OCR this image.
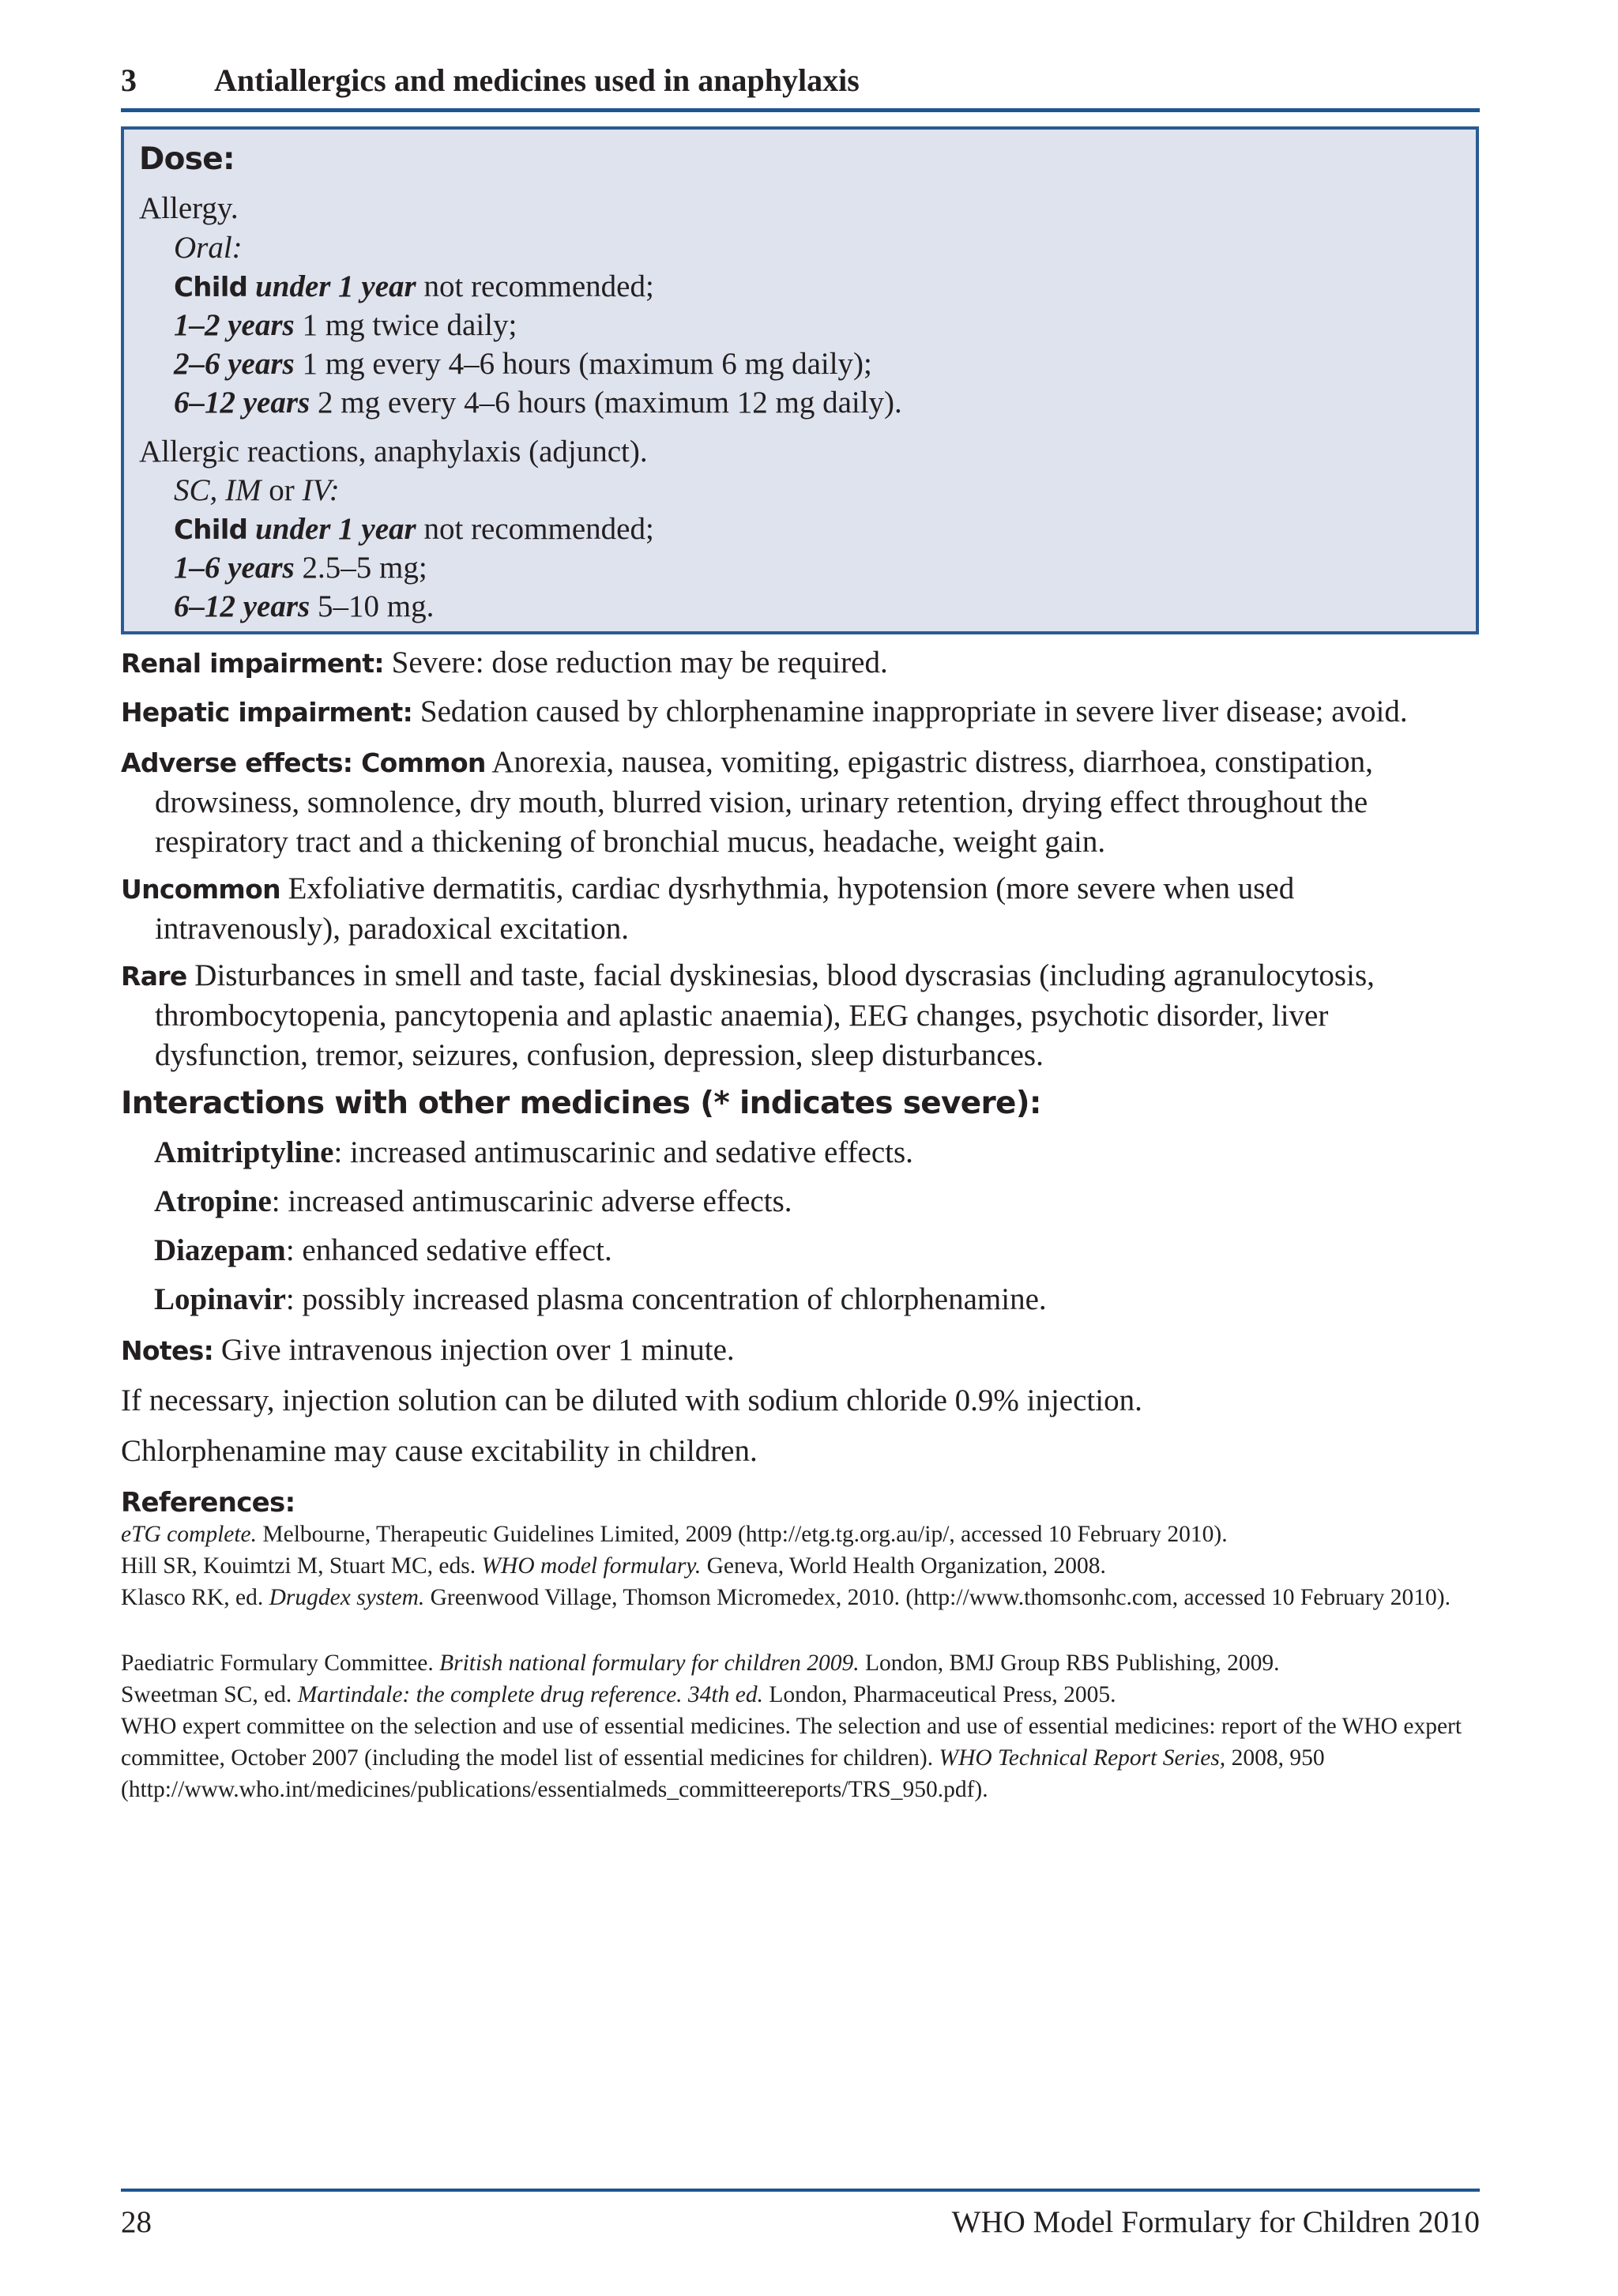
3 Antiallergics and medicines used in anaphylaxis
Dose:
Allergy.
Oral:
Child under 1 year not recommended;
1–2 years 1 mg twice daily;
2–6 years 1 mg every 4–6 hours (maximum 6 mg daily);
6–12 years 2 mg every 4–6 hours (maximum 12 mg daily).
Allergic reactions, anaphylaxis (adjunct).
SC, IM or IV:
Child under 1 year not recommended;
1–6 years 2.5–5 mg;
6–12 years 5–10 mg.
Renal impairment: Severe: dose reduction may be required.
Hepatic impairment: Sedation caused by chlorphenamine inappropriate in severe liver disease; avoid.
Adverse effects: Common Anorexia, nausea, vomiting, epigastric distress, diarrhoea, constipation, drowsiness, somnolence, dry mouth, blurred vision, urinary retention, drying effect throughout the respiratory tract and a thickening of bronchial mucus, headache, weight gain.
Uncommon Exfoliative dermatitis, cardiac dysrhythmia, hypotension (more severe when used intravenously), paradoxical excitation.
Rare Disturbances in smell and taste, facial dyskinesias, blood dyscrasias (including agranulocytosis, thrombocytopenia, pancytopenia and aplastic anaemia), EEG changes, psychotic disorder, liver dysfunction, tremor, seizures, confusion, depression, sleep disturbances.
Interactions with other medicines (* indicates severe):
Amitriptyline: increased antimuscarinic and sedative effects.
Atropine: increased antimuscarinic adverse effects.
Diazepam: enhanced sedative effect.
Lopinavir: possibly increased plasma concentration of chlorphenamine.
Notes: Give intravenous injection over 1 minute.
If necessary, injection solution can be diluted with sodium chloride 0.9% injection.
Chlorphenamine may cause excitability in children.
References:
eTG complete. Melbourne, Therapeutic Guidelines Limited, 2009 (http://etg.tg.org.au/ip/, accessed 10 February 2010).
Hill SR, Kouimtzi M, Stuart MC, eds. WHO model formulary. Geneva, World Health Organization, 2008.
Klasco RK, ed. Drugdex system. Greenwood Village, Thomson Micromedex, 2010. (http://www.thomsonhc.com, accessed 10 February 2010).
Paediatric Formulary Committee. British national formulary for children 2009. London, BMJ Group RBS Publishing, 2009.
Sweetman SC, ed. Martindale: the complete drug reference. 34th ed. London, Pharmaceutical Press, 2005.
WHO expert committee on the selection and use of essential medicines. The selection and use of essential medicines: report of the WHO expert committee, October 2007 (including the model list of essential medicines for children). WHO Technical Report Series, 2008, 950 (http://www.who.int/medicines/publications/essentialmeds_committeereports/TRS_950.pdf).
28	WHO Model Formulary for Children 2010
